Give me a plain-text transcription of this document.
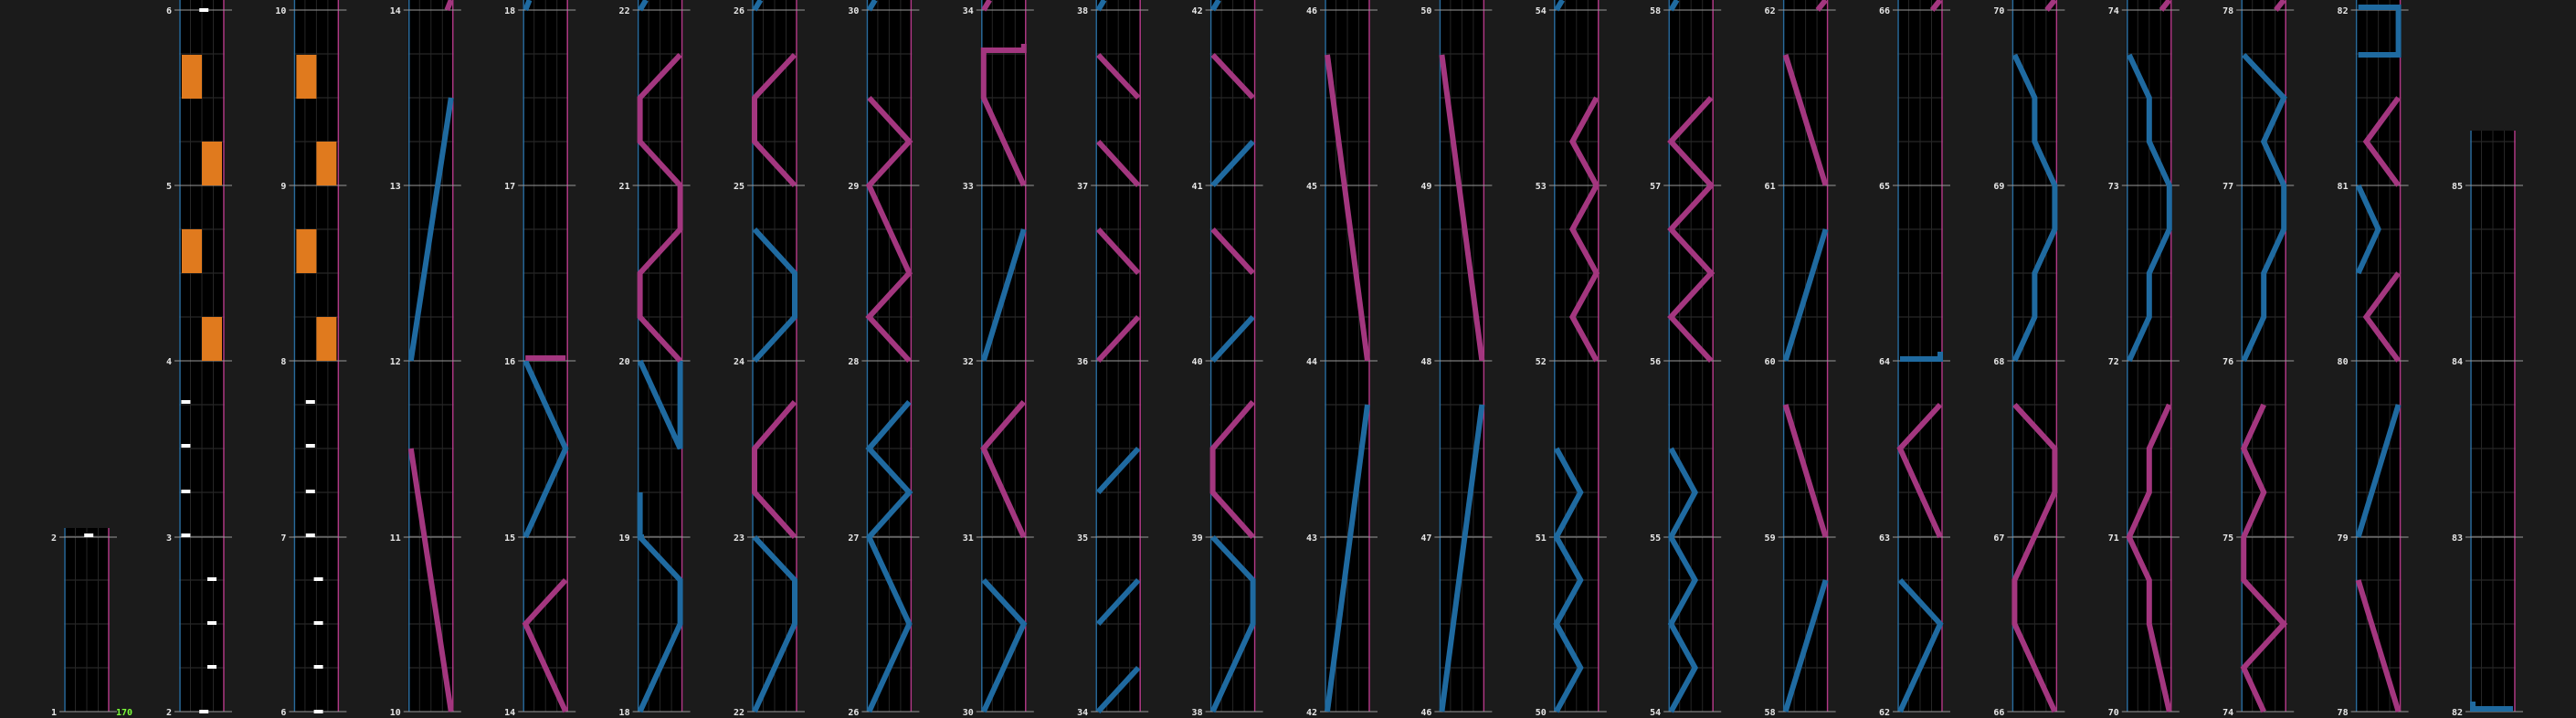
1
2
2
3
4
5
6
6
7
8
9
10
10
11
12
13
14
14
15
16
17
18
18
19
20
21
22
22
23
24
25
26
26
27
28
29
30
30
31
32
33
34
34
35
36
37
38
38
39
40
41
42
42
43
44
45
46
46
47
48
49
50
50
51
52
53
54
54
55
56
57
58
58
59
60
61
62
62
63
64
65
66
66
67
68
69
70
70
71
72
73
74
74
75
76
77
78
78
79
80
81
82
82
83
84
85
170
